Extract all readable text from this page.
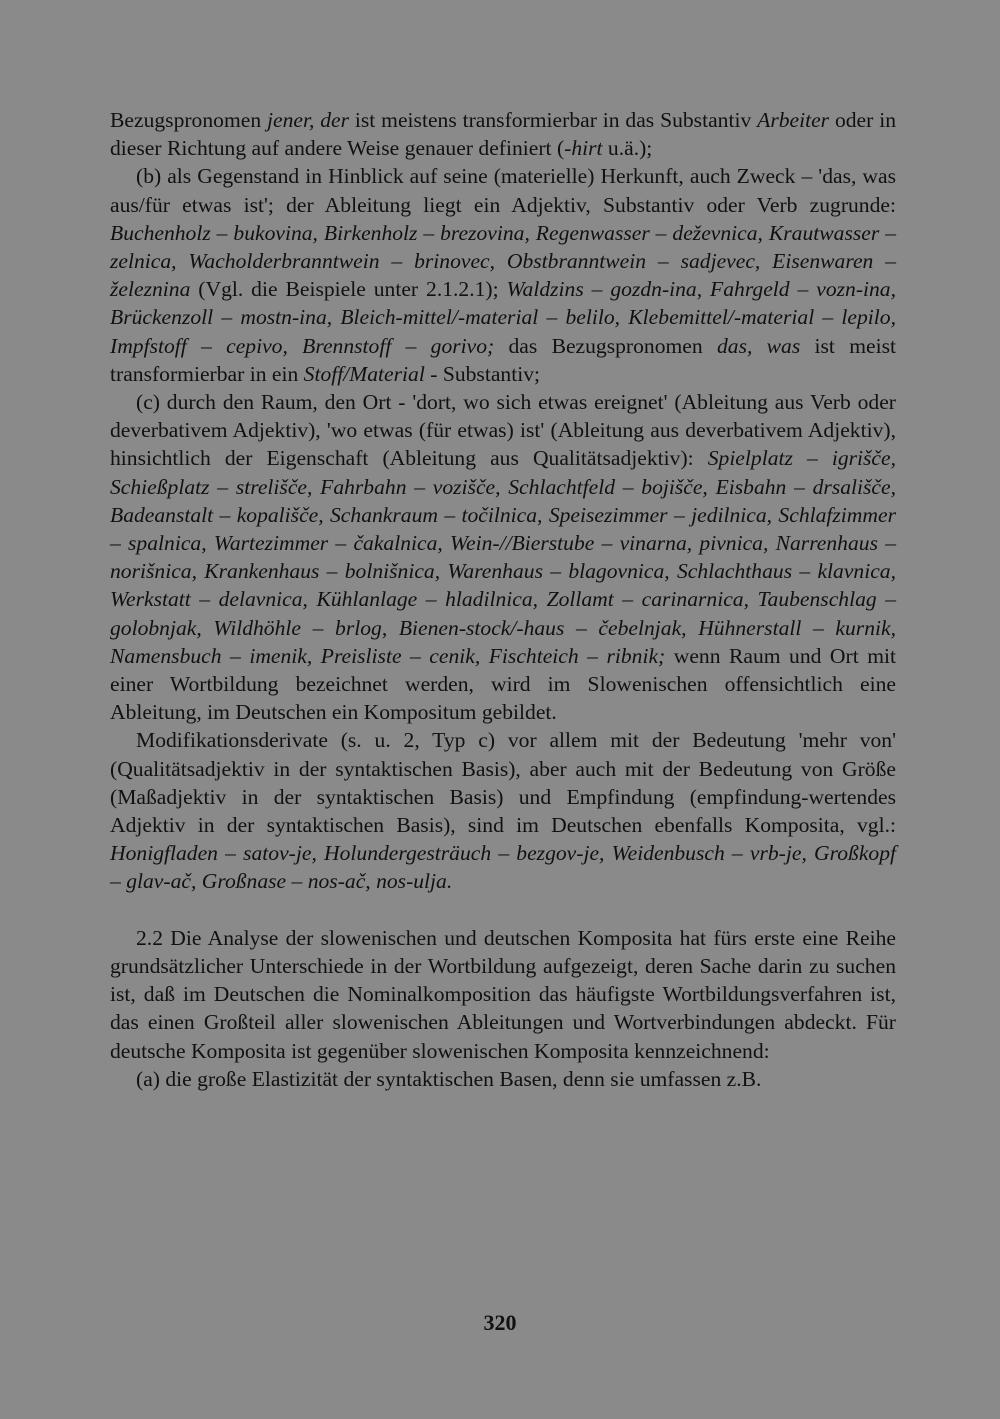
Bezugspronomen jener, der ist meistens transformierbar in das Substantiv Arbeiter oder in dieser Richtung auf andere Weise genauer definiert (-hirt u.ä.);

(b) als Gegenstand in Hinblick auf seine (materielle) Herkunft, auch Zweck – 'das, was aus/für etwas ist'; der Ableitung liegt ein Adjektiv, Substantiv oder Verb zugrunde: Buchenholz – bukovina, Birkenholz – brezovina, Regenwasser – deževnica, Krautwasser – zelnica, Wacholderbranntwein – brinovec, Obstbranntwein – sadjevec, Eisenwaren – železnina (Vgl. die Beispiele unter 2.1.2.1); Waldzins – gozdn-ina, Fahrgeld – vozn-ina, Brückenzoll – mostn-ina, Bleich-mittel/-material – belilo, Klebemittel/-material – lepilo, Impfstoff – cepivo, Brennstoff – gorivo; das Bezugspronomen das, was ist meist transformierbar in ein Stoff/Material - Substantiv;

(c) durch den Raum, den Ort - 'dort, wo sich etwas ereignet' (Ableitung aus Verb oder deverbativem Adjektiv), 'wo etwas (für etwas) ist' (Ableitung aus deverbativem Adjektiv), hinsichtlich der Eigenschaft (Ableitung aus Qualitätsadjektiv): Spielplatz – igrišče, Schießplatz – strelišče, Fahrbahn – vozišče, Schlachtfeld – bojišče, Eisbahn – drsališče, Badeanstalt – kopališče, Schankraum – točilnica, Speisezimmer – jedilnica, Schlafzimmer – spalnica, Wartezimmer – čakalnica, Wein-//Bierstube – vinarna, pivnica, Narrenhaus – norišnica, Krankenhaus – bolnišnica, Warenhaus – blagovnica, Schlachthaus – klavnica, Werkstatt – delavnica, Kühlanlage – hladilnica, Zollamt – carinarnica, Taubenschlag – golobnjak, Wildhöhle – brlog, Bienen-stock/-haus – čebelnjak, Hühnerstall – kurnik, Namensbuch – imenik, Preisliste – cenik, Fischteich – ribnik; wenn Raum und Ort mit einer Wortbildung bezeichnet werden, wird im Slowenischen offensichtlich eine Ableitung, im Deutschen ein Kompositum gebildet.

Modifikationsderivate (s. u. 2, Typ c) vor allem mit der Bedeutung 'mehr von' (Qualitätsadjektiv in der syntaktischen Basis), aber auch mit der Bedeutung von Größe (Maßadjektiv in der syntaktischen Basis) und Empfindung (empfindung-wertendes Adjektiv in der syntaktischen Basis), sind im Deutschen ebenfalls Komposita, vgl.: Honigfladen – satov-je, Holundergesträuch – bezgov-je, Weidenbusch – vrb-je, Großkopf – glav-ač, Großnase – nos-ač, nos-ulja.

2.2 Die Analyse der slowenischen und deutschen Komposita hat fürs erste eine Reihe grundsätzlicher Unterschiede in der Wortbildung aufgezeigt, deren Sache darin zu suchen ist, daß im Deutschen die Nominalkomposition das häufigste Wortbildungsverfahren ist, das einen Großteil aller slowenischen Ableitungen und Wortverbindungen abdeckt. Für deutsche Komposita ist gegenüber slowenischen Komposita kennzeichnend:

(a) die große Elastizität der syntaktischen Basen, denn sie umfassen z.B.

320
